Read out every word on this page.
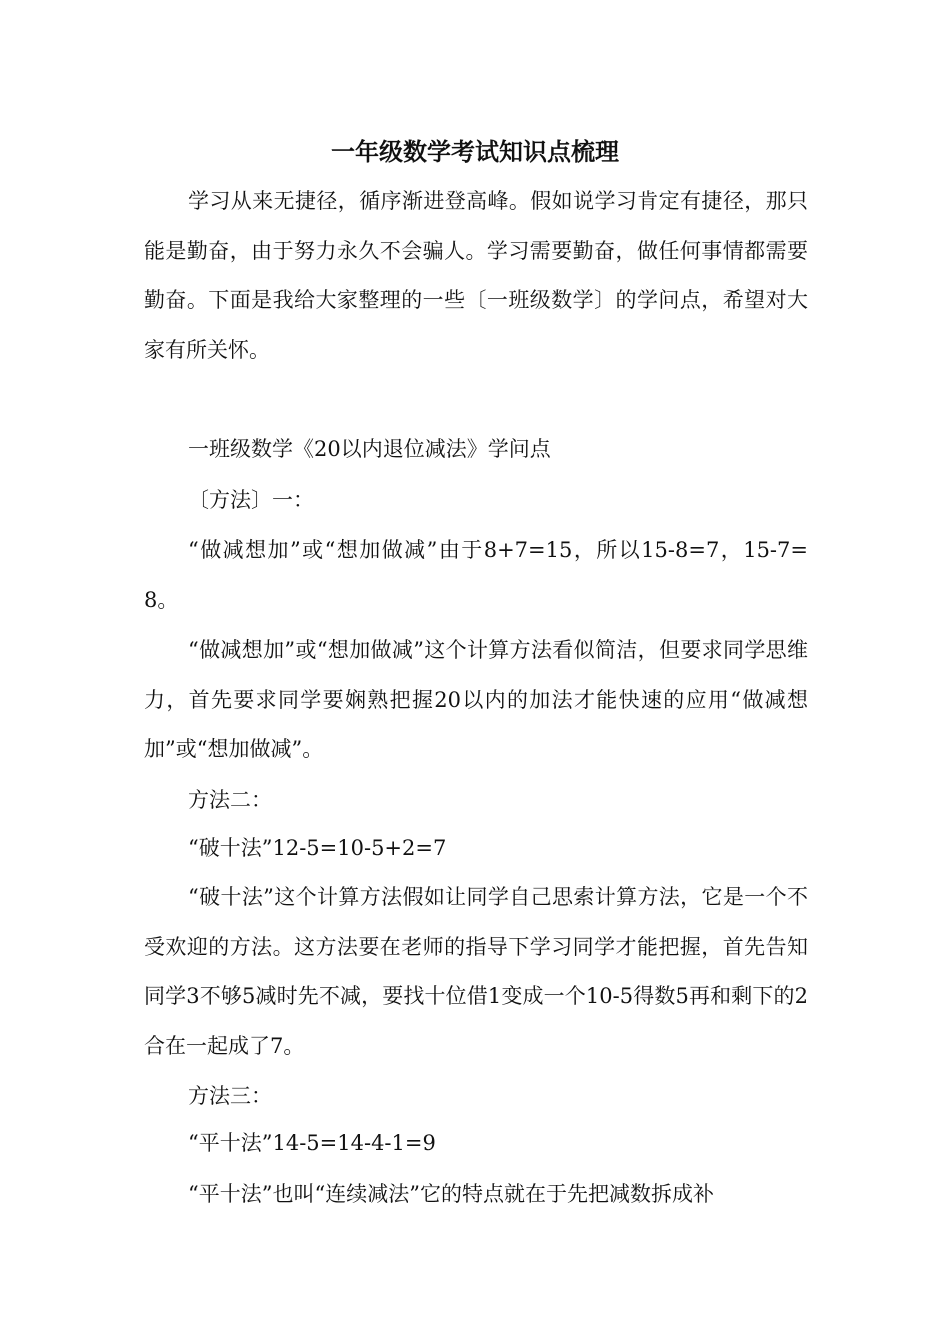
一年级数学考试知识点梳理

学习从来无捷径，循序渐进登高峰。假如说学习肯定有捷径，那只能是勤奋，由于努力永久不会骗人。学习需要勤奋，做任何事情都需要勤奋。下面是我给大家整理的一些〔一班级数学〕的学问点，希望对大家有所关怀。

一班级数学《20以内退位减法》学问点

〔方法〕一：

“做减想加”或“想加做减”由于8+7=15，所以15-8=7，15-7=8。

“做减想加”或“想加做减”这个计算方法看似简洁，但要求同学思维力，首先要求同学要娴熟把握20以内的加法才能快速的应用“做减想加”或“想加做减”。

方法二：

“破十法”12-5=10-5+2=7

“破十法”这个计算方法假如让同学自己思索计算方法，它是一个不受欢迎的方法。这方法要在老师的指导下学习同学才能把握，首先告知同学3不够5减时先不减，要找十位借1变成一个10-5得数5再和剩下的2合在一起成了7。

方法三：

“平十法”14-5=14-4-1=9

“平十法”也叫“连续减法”它的特点就在于先把减数拆成补
